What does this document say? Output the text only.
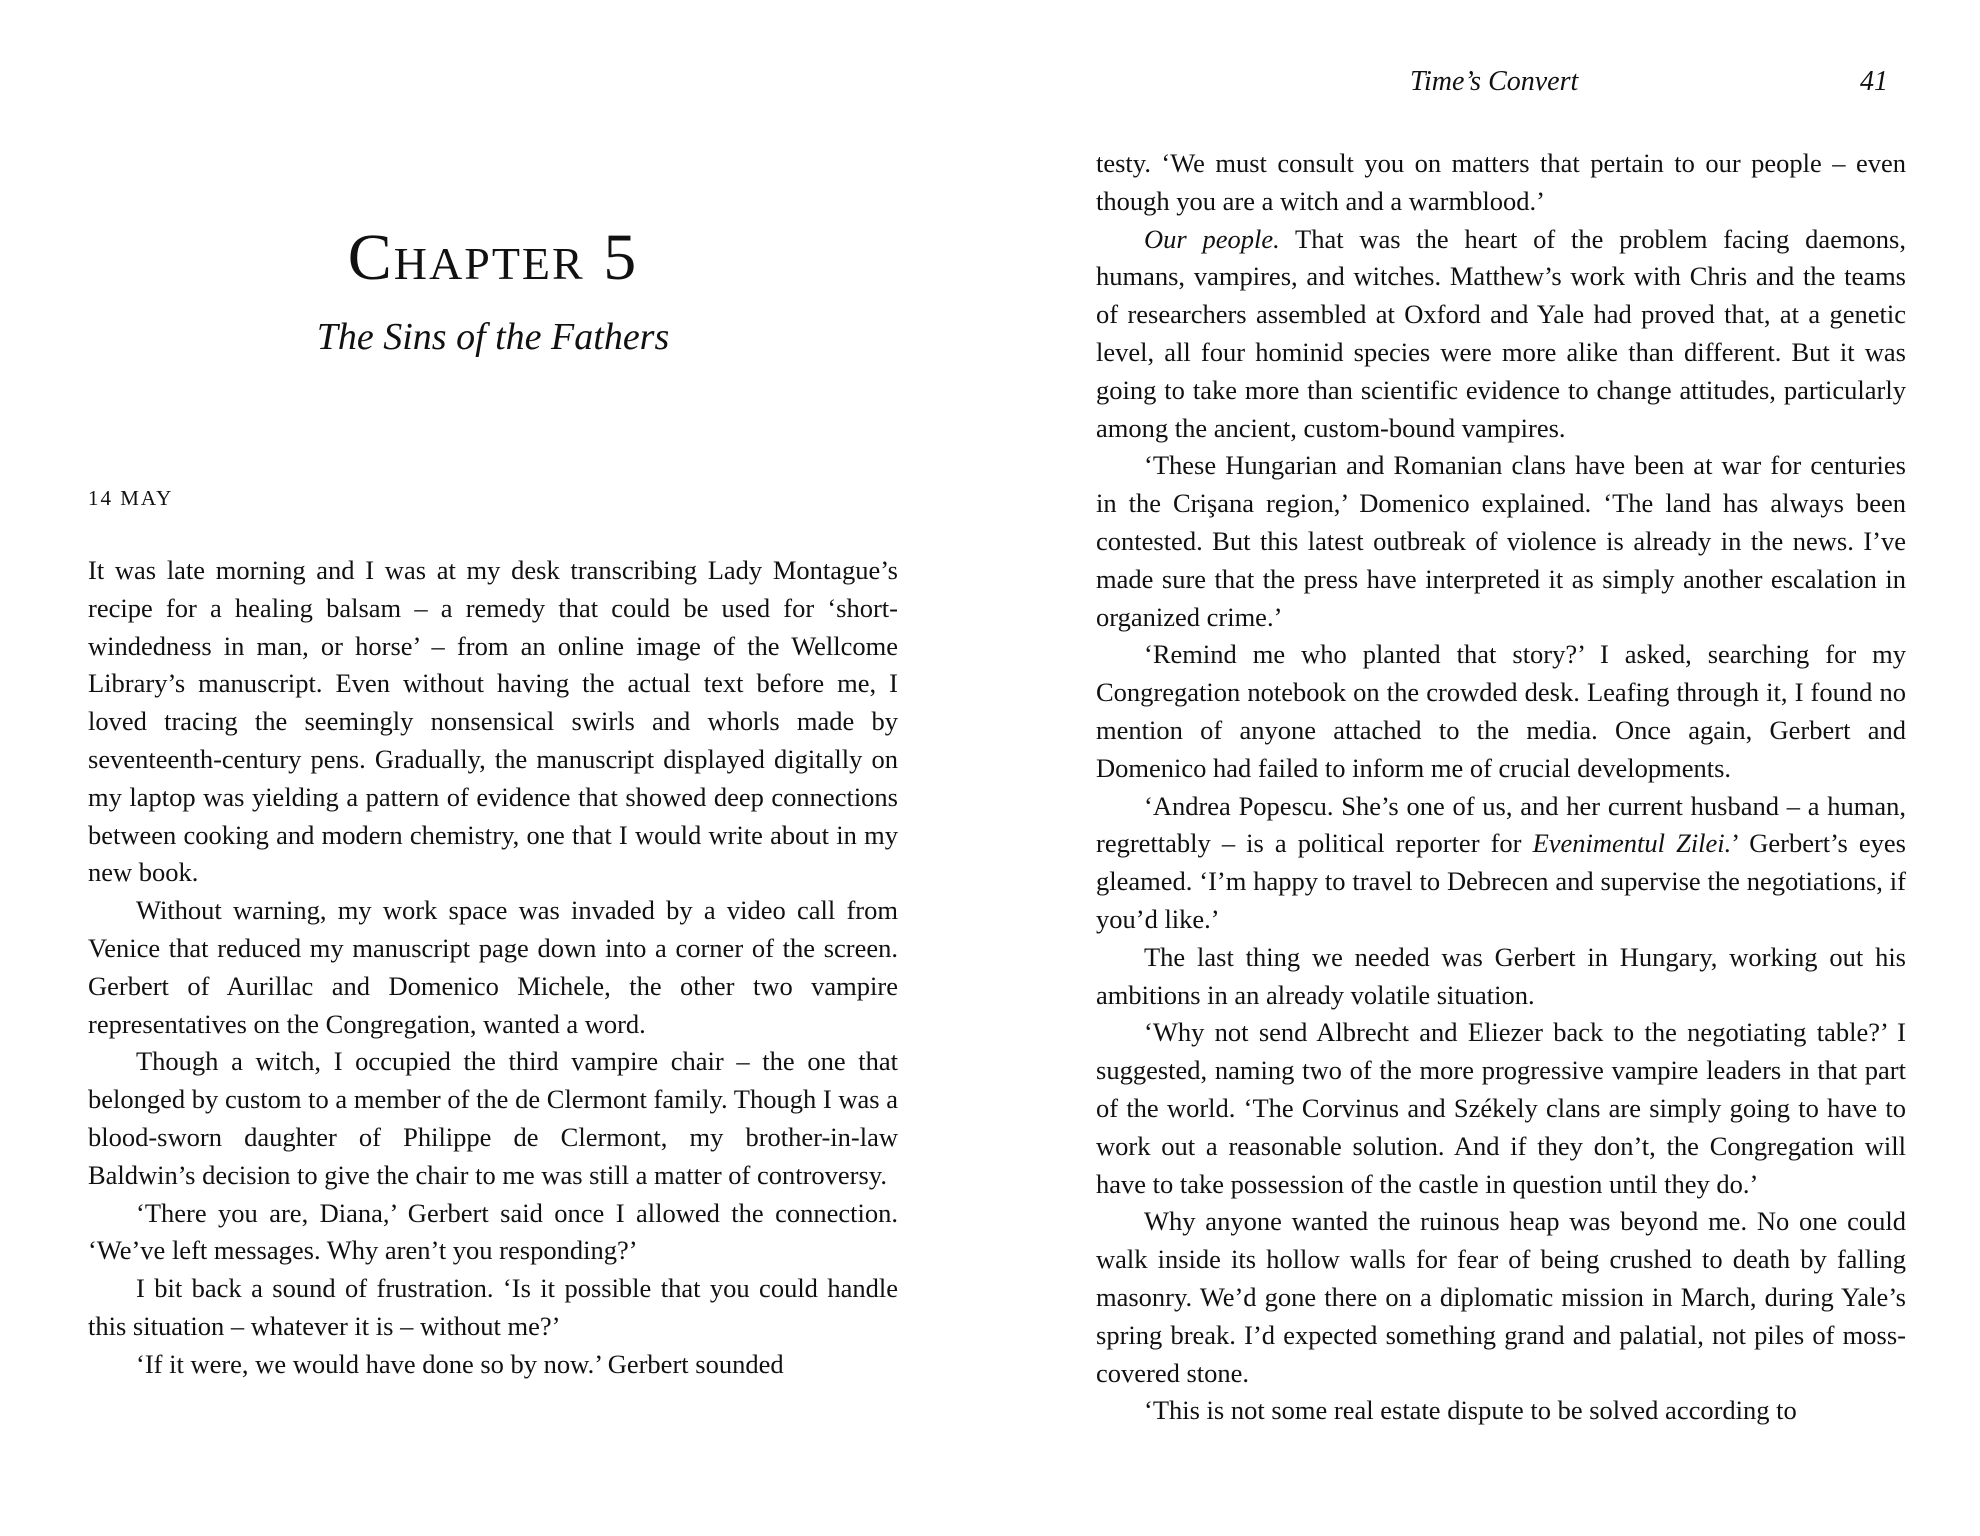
Chapter 5
The Sins of the Fathers
14 MAY

It was late morning and I was at my desk transcribing Lady Montague’s recipe for a healing balsam – a remedy that could be used for ‘short-windedness in man, or horse’ – from an online image of the Wellcome Library’s manuscript. Even without having the actual text before me, I loved tracing the seemingly nonsensical swirls and whorls made by seventeenth-century pens. Gradually, the manuscript displayed digitally on my laptop was yielding a pattern of evidence that showed deep connections between cooking and modern chemistry, one that I would write about in my new book.

Without warning, my work space was invaded by a video call from Venice that reduced my manuscript page down into a corner of the screen. Gerbert of Aurillac and Domenico Michele, the other two vampire representatives on the Congregation, wanted a word.

Though a witch, I occupied the third vampire chair – the one that belonged by custom to a member of the de Clermont family. Though I was a blood-sworn daughter of Philippe de Clermont, my brother-in-law Baldwin’s decision to give the chair to me was still a matter of controversy.

‘There you are, Diana,’ Gerbert said once I allowed the connection. ‘We’ve left messages. Why aren’t you responding?’

I bit back a sound of frustration. ‘Is it possible that you could handle this situation – whatever it is – without me?’

‘If it were, we would have done so by now.’ Gerbert sounded

Time’s Convert	41

testy. ‘We must consult you on matters that pertain to our people – even though you are a witch and a warmblood.’

Our people. That was the heart of the problem facing daemons, humans, vampires, and witches. Matthew’s work with Chris and the teams of researchers assembled at Oxford and Yale had proved that, at a genetic level, all four hominid species were more alike than different. But it was going to take more than scientific evidence to change attitudes, particularly among the ancient, custom-bound vampires.

‘These Hungarian and Romanian clans have been at war for centuries in the Crişana region,’ Domenico explained. ‘The land has always been contested. But this latest outbreak of violence is already in the news. I’ve made sure that the press have interpreted it as simply another escalation in organized crime.’

‘Remind me who planted that story?’ I asked, searching for my Congregation notebook on the crowded desk. Leafing through it, I found no mention of anyone attached to the media. Once again, Gerbert and Domenico had failed to inform me of crucial developments.

‘Andrea Popescu. She’s one of us, and her current husband – a human, regrettably – is a political reporter for Evenimentul Zilei.’ Gerbert’s eyes gleamed. ‘I’m happy to travel to Debrecen and supervise the negotiations, if you’d like.’

The last thing we needed was Gerbert in Hungary, working out his ambitions in an already volatile situation.

‘Why not send Albrecht and Eliezer back to the negotiating table?’ I suggested, naming two of the more progressive vampire leaders in that part of the world. ‘The Corvinus and Székely clans are simply going to have to work out a reasonable solution. And if they don’t, the Congregation will have to take possession of the castle in question until they do.’

Why anyone wanted the ruinous heap was beyond me. No one could walk inside its hollow walls for fear of being crushed to death by falling masonry. We’d gone there on a diplomatic mission in March, during Yale’s spring break. I’d expected something grand and palatial, not piles of moss-covered stone.

‘This is not some real estate dispute to be solved according to
